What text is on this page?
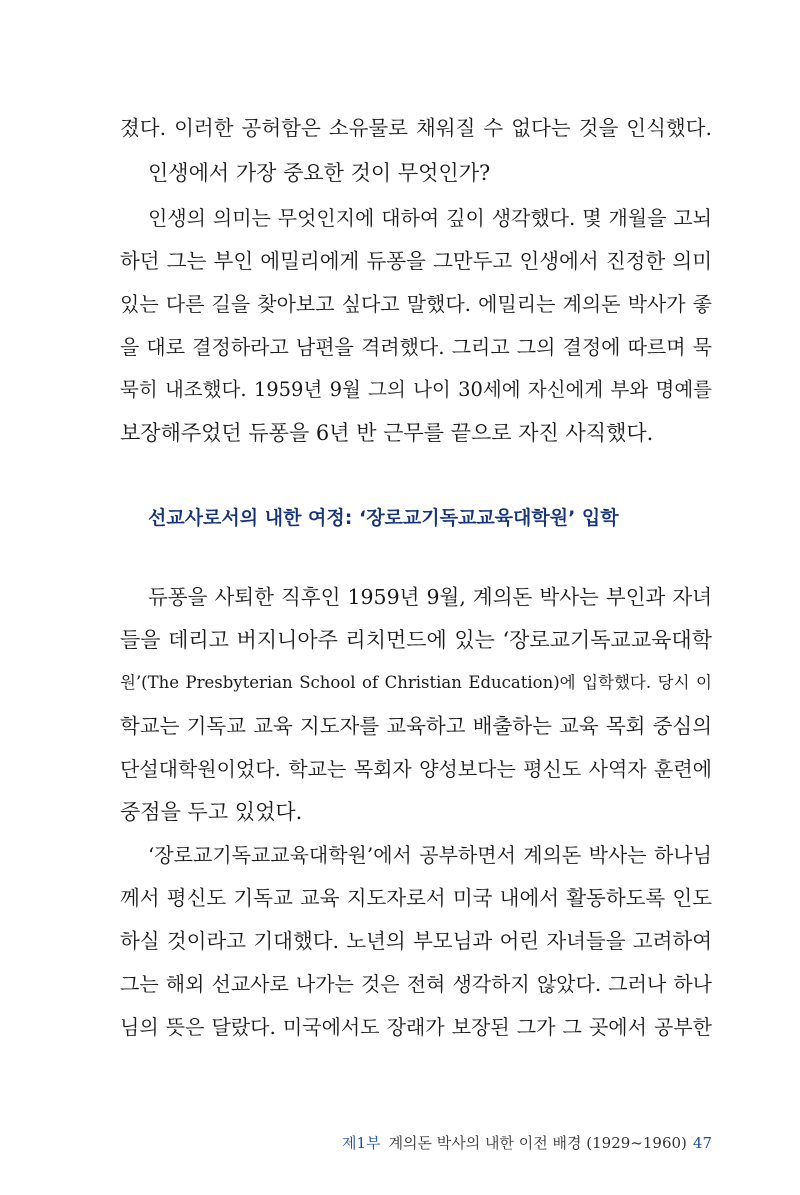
졌다. 이러한 공허함은 소유물로 채워질 수 없다는 것을 인식했다.
인생에서 가장 중요한 것이 무엇인가?
인생의 의미는 무엇인지에 대하여 깊이 생각했다. 몇 개월을 고뇌
하던 그는 부인 에밀리에게 듀퐁을 그만두고 인생에서 진정한 의미
있는 다른 길을 찾아보고 싶다고 말했다. 에밀리는 계의돈 박사가 좋
을 대로 결정하라고 남편을 격려했다. 그리고 그의 결정에 따르며 묵
묵히 내조했다. 1959년 9월 그의 나이 30세에 자신에게 부와 명예를
보장해주었던 듀퐁을 6년 반 근무를 끝으로 자진 사직했다.
선교사로서의 내한 여정: ‘장로교기독교교육대학원’ 입학
듀퐁을 사퇴한 직후인 1959년 9월, 계의돈 박사는 부인과 자녀
들을 데리고 버지니아주 리치먼드에 있는 ‘장로교기독교교육대학
원’(The Presbyterian School of Christian Education)에 입학했다. 당시 이
학교는 기독교 교육 지도자를 교육하고 배출하는 교육 목회 중심의
단설대학원이었다. 학교는 목회자 양성보다는 평신도 사역자 훈련에
중점을 두고 있었다.
‘장로교기독교교육대학원’에서 공부하면서 계의돈 박사는 하나님
께서 평신도 기독교 교육 지도자로서 미국 내에서 활동하도록 인도
하실 것이라고 기대했다. 노년의 부모님과 어린 자녀들을 고려하여
그는 해외 선교사로 나가는 것은 전혀 생각하지 않았다. 그러나 하나
님의 뜻은 달랐다. 미국에서도 장래가 보장된 그가 그 곳에서 공부한
제1부 계의돈 박사의 내한 이전 배경 (1929~1960) 47
